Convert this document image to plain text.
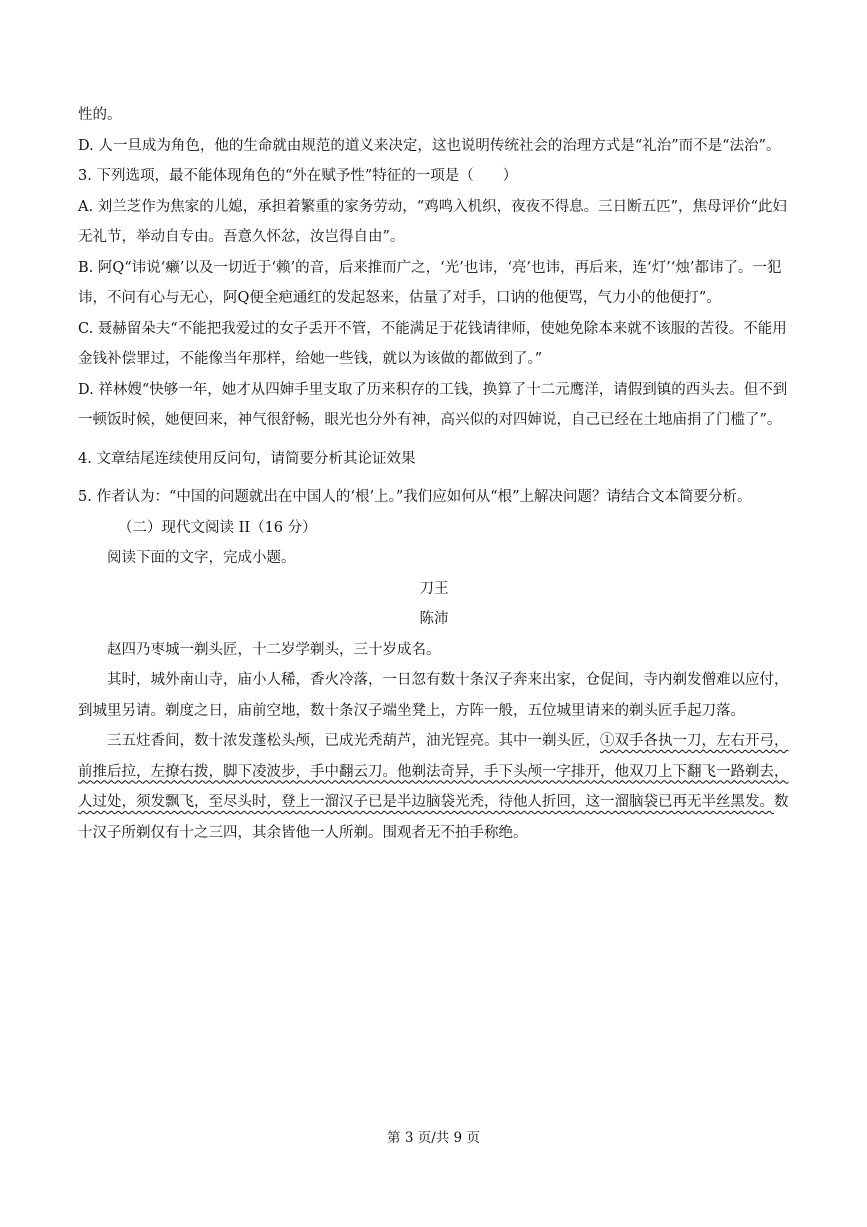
性的。

D. 人一旦成为角色，他的生命就由规范的道义来决定，这也说明传统社会的治理方式是“礼治”而不是“法治”。

3. 下列选项，最不能体现角色的“外在赋予性”特征的一项是（　　）

A. 刘兰芝作为焦家的儿媳，承担着繁重的家务劳动，“鸡鸣入机织，夜夜不得息。三日断五匹”，焦母评价“此妇无礼节，举动自专由。吾意久怀忿，汝岂得自由”。

B. 阿Q“讳说‘癞’以及一切近于‘赖’的音，后来推而广之，‘光’也讳，‘亮’也讳，再后来，连‘灯’‘烛’都讳了。一犯讳，不问有心与无心，阿Q便全疤通红的发起怒来，估量了对手，口讷的他便骂，气力小的他便打”。

C. 聂赫留朵夫“不能把我爱过的女子丢开不管，不能满足于花钱请律师，使她免除本来就不该服的苦役。不能用金钱补偿罪过，不能像当年那样，给她一些钱，就以为该做的都做到了。”

D. 祥林嫂“快够一年，她才从四婶手里支取了历来积存的工钱，换算了十二元鹰洋，请假到镇的西头去。但不到一顿饭时候，她便回来，神气很舒畅，眼光也分外有神，高兴似的对四婶说，自己已经在土地庙捐了门槛了”。

4. 文章结尾连续使用反问句，请简要分析其论证效果

5. 作者认为：“中国的问题就出在中国人的‘根’上。”我们应如何从“根”上解决问题？请结合文本简要分析。

（二）现代文阅读 II（16 分）

阅读下面的文字，完成小题。

刀王

陈沛

赵四乃枣城一剃头匠，十二岁学剃头，三十岁成名。

其时，城外南山寺，庙小人稀，香火冷落，一日忽有数十条汉子奔来出家，仓促间，寺内剃发僧难以应付，到城里另请。剃度之日，庙前空地，数十条汉子端坐凳上，方阵一般，五位城里请来的剃头匠手起刀落。

三五炷香间，数十浓发蓬松头颅，已成光秃葫芦，油光锃亮。其中一剃头匠，①双手各执一刀，左右开弓，前推后拉，左撩右拨，脚下凌波步，手中翻云刀。他剃法奇异，手下头颅一字排开，他双刀上下翻飞一路剃去，人过处，须发飘飞，至尽头时，登上一溜汉子已是半边脑袋光秃，待他人折回，这一溜脑袋已再无半丝黑发。数十汉子所剃仅有十之三四，其余皆他一人所剃。围观者无不拍手称绝。

第 3 页/共 9 页
